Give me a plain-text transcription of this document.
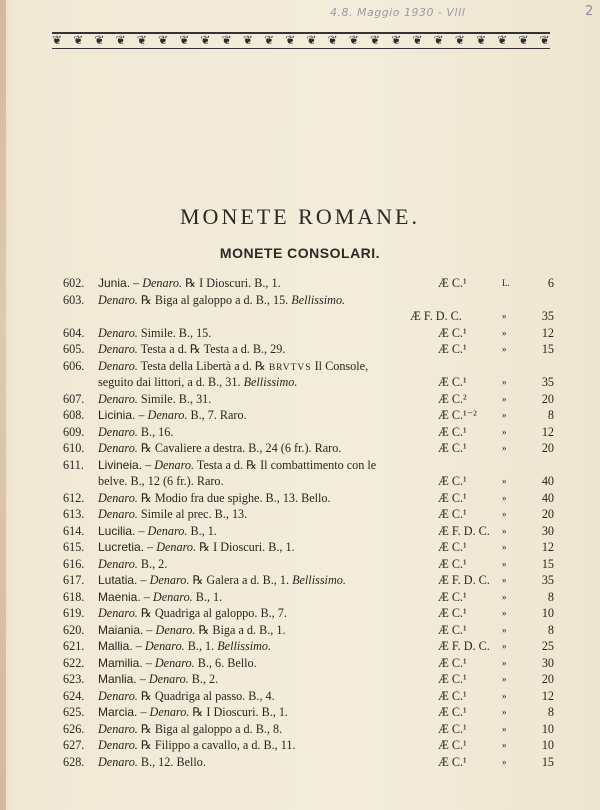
4.8. Maggio 1930 - VIII	2
❦ ❦ ❦ ❦ ❦ ❦ ❦ ❦ ❦ ❦ ❦ ❦ ❦ ❦ ❦ ❦ ❦ ❦ ❦ ❦ ❦ ❦ ❦ ❦
MONETE ROMANE.
MONETE CONSOLARI.
602. Junia. – Denaro. ℞ I Dioscuri. B., 1.	Æ C.¹	L.	6
603. Denaro. ℞ Biga al galoppo a d. B., 15. Bellissimo.
Æ F. D. C.	»	35
604. Denaro. Simile. B., 15.	Æ C.¹	»	12
605. Denaro. Testa a d. ℞ Testa a d. B., 29.	Æ C.¹	»	15
606. Denaro. Testa della Libertà a d. ℞ BRVTVS Il Console,
seguito dai littori, a d. B., 31. Bellissimo.	Æ C.¹	»	35
607. Denaro. Simile. B., 31.	Æ C.²	»	20
608. Licinia. – Denaro. B., 7. Raro.	Æ C.¹⁻²	»	8
609. Denaro. B., 16.	Æ C.¹	»	12
610. Denaro. ℞ Cavaliere a destra. B., 24 (6 fr.). Raro.	Æ C.¹	»	20
611. Livineia. – Denaro. Testa a d. ℞ Il combattimento con le
belve. B., 12 (6 fr.). Raro.	Æ C.¹	»	40
612. Denaro. ℞ Modio fra due spighe. B., 13. Bello.	Æ C.¹	»	40
613. Denaro. Simile al prec. B., 13.	Æ C.¹	»	20
614. Lucilia. – Denaro. B., 1.	Æ F. D. C. »	30
615. Lucretia. – Denaro. ℞ I Dioscuri. B., 1.	Æ C.¹	»	12
616. Denaro. B., 2.	Æ C.¹	»	15
617. Lutatia. – Denaro. ℞ Galera a d. B., 1. Bellissimo.	Æ F. D. C. »	35
618. Maenia. – Denaro. B., 1.	Æ C.¹	»	8
619. Denaro. ℞ Quadriga al galoppo. B., 7.	Æ C.¹	»	10
620. Maiania. – Denaro. ℞ Biga a d. B., 1.	Æ C.¹	»	8
621. Mallia. – Denaro. B., 1. Bellissimo.	Æ F. D. C. »	25
622. Mamilia. – Denaro. B., 6. Bello.	Æ C.¹	»	30
623. Manlia. – Denaro. B., 2.	Æ C.¹	»	20
624. Denaro. ℞ Quadriga al passo. B., 4.	Æ C.¹	»	12
625. Marcia. – Denaro. ℞ I Dioscuri. B., 1.	Æ C.¹	»	8
626. Denaro. ℞ Biga al galoppo a d. B., 8.	Æ C.¹	»	10
627. Denaro. ℞ Filippo a cavallo, a d. B., 11.	Æ C.¹	»	10
628. Denaro. B., 12. Bello.	Æ C.¹	»	15
